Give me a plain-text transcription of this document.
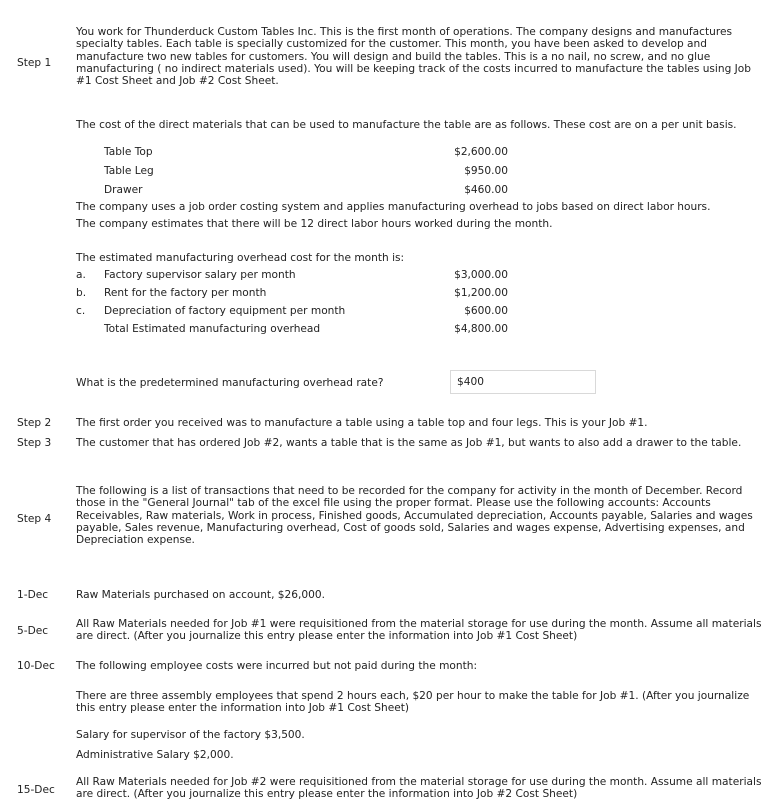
Step 1

You work for Thunderduck Custom Tables Inc. This is the first month of operations. The company designs and manufactures specialty tables. Each table is specially customized for the customer. This month, you have been asked to develop and manufacture two new tables for customers. You will design and build the tables. This is a no nail, no screw, and no glue manufacturing ( no indirect materials used). You will be keeping track of the costs incurred to manufacture the tables using Job #1 Cost Sheet and Job #2 Cost Sheet.

The cost of the direct materials that can be used to manufacture the table are as follows. These cost are on a per unit basis.

Table Top	$2,600.00
Table Leg	$950.00
Drawer	$460.00

The company uses a job order costing system and applies manufacturing overhead to jobs based on direct labor hours.

The company estimates that there will be 12 direct labor hours worked during the month.

The estimated manufacturing overhead cost for the month is:

a.	Factory supervisor salary per month	$3,000.00
b.	Rent for the factory per month	$1,200.00
c.	Depreciation of factory equipment per month	$600.00
Total Estimated manufacturing overhead	$4,800.00
What is the predetermined manufacturing overhead rate?	$400
Step 2 The first order you received was to manufacture a table using a table top and four legs. This is your Job #1.

Step 3 The customer that has ordered Job #2, wants a table that is the same as Job #1, but wants to also add a drawer to the table.

Step 4

The following is a list of transactions that need to be recorded for the company for activity in the month of December. Record those in the "General Journal" tab of the excel file using the proper format. Please use the following accounts: Accounts Receivables, Raw materials, Work in process, Finished goods, Accumulated depreciation, Accounts payable, Salaries and wages payable, Sales revenue, Manufacturing overhead, Cost of goods sold, Salaries and wages expense, Advertising expenses, and Depreciation expense.

1-Dec	Raw Materials purchased on account, $26,000.

5-Dec

All Raw Materials needed for Job #1 were requisitioned from the material storage for use during the month. Assume all materials are direct. (After you journalize this entry please enter the information into Job #1 Cost Sheet)

10-Dec The following employee costs were incurred but not paid during the month:

There are three assembly employees that spend 2 hours each, $20 per hour to make the table for Job #1. (After you journalize this entry please enter the information into Job #1 Cost Sheet)

Salary for supervisor of the factory $3,500.

Administrative Salary $2,000.

15-Dec

All Raw Materials needed for Job #2 were requisitioned from the material storage for use during the month. Assume all materials are direct. (After you journalize this entry please enter the information into Job #2 Cost Sheet)
